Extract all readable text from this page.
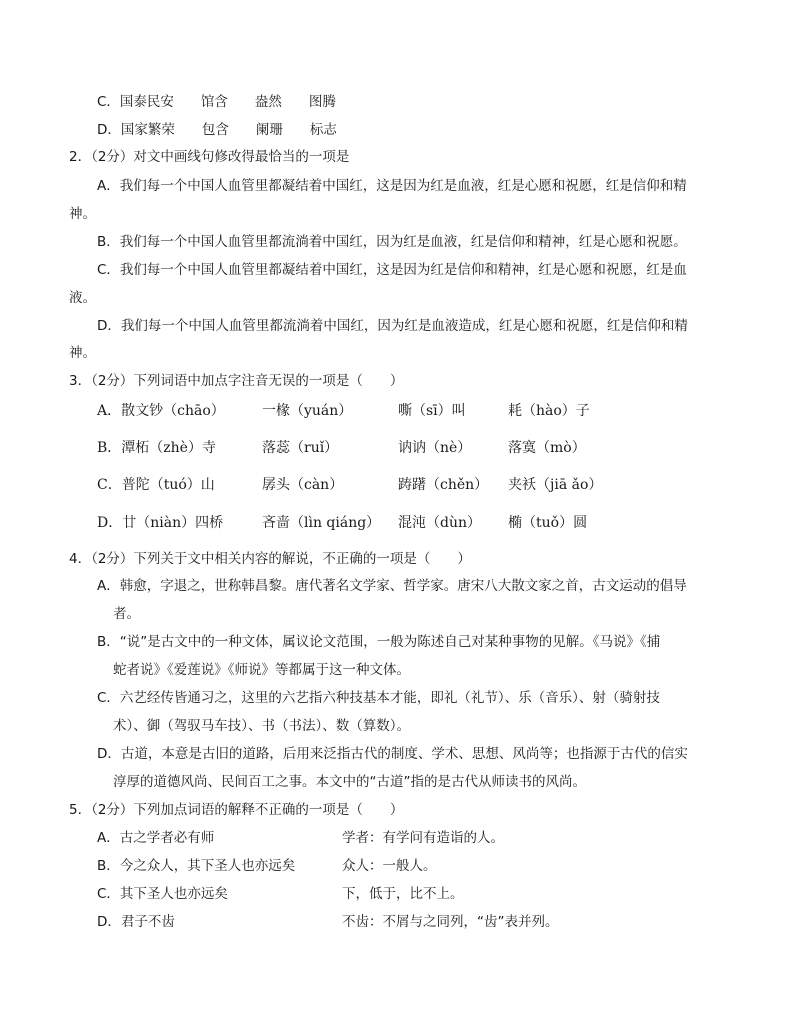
C．国泰民安　　馆含　　盎然　　图腾
D．国家繁荣　　包含　　阑珊　　标志
2．（2分）对文中画线句修改得最恰当的一项是
A．我们每一个中国人血管里都凝结着中国红，这是因为红是血液，红是心愿和祝愿，红是信仰和精
神。
B．我们每一个中国人血管里都流淌着中国红，因为红是血液，红是信仰和精神，红是心愿和祝愿。
C．我们每一个中国人血管里都凝结着中国红，这是因为红是信仰和精神，红是心愿和祝愿，红是血
液。
D．我们每一个中国人血管里都流淌着中国红，因为红是血液造成，红是心愿和祝愿，红是信仰和精
神。
3．（2分）下列词语中加点字注音无误的一项是（　　）
A．散文钞（chāo）	一椽（yuán）	嘶（sī）叫	耗（hào）子
B．潭柘（zhè）寺	落蕊（ruǐ）	讷讷（nè）	落寞（mò）
C．普陀（tuó）山	孱头（càn）	踌躇（chěn） 夹袄（jiā ǎo）
D．廿（niàn）四桥	吝啬（lìn qiáng） 混沌（dùn） 椭（tuǒ）圆
4．（2分）下列关于文中相关内容的解说，不正确的一项是（　　）
A．韩愈，字退之，世称韩昌黎。唐代著名文学家、哲学家。唐宋八大散文家之首，古文运动的倡导
者。
B．“说”是古文中的一种文体，属议论文范围，一般为陈述自己对某种事物的见解。《马说》《捕
蛇者说》《爱莲说》《师说》等都属于这一种文体。
C．六艺经传皆通习之，这里的六艺指六种技基本才能，即礼（礼节）、乐（音乐）、射（骑射技
术）、御（驾驭马车技）、书（书法）、数（算数）。
D．古道，本意是古旧的道路，后用来泛指古代的制度、学术、思想、风尚等；也指源于古代的信实
淳厚的道德风尚、民间百工之事。本文中的“古道”指的是古代从师读书的风尚。
5．（2分）下列加点词语的解释不正确的一项是（　　）
A．古之学者必有师	学者：有学问有造诣的人。
B．今之众人，其下圣人也亦远矣	众人：一般人。
C．其下圣人也亦远矣	下，低于，比不上。
D．君子不齿	不齿：不屑与之同列，“齿”表并列。
